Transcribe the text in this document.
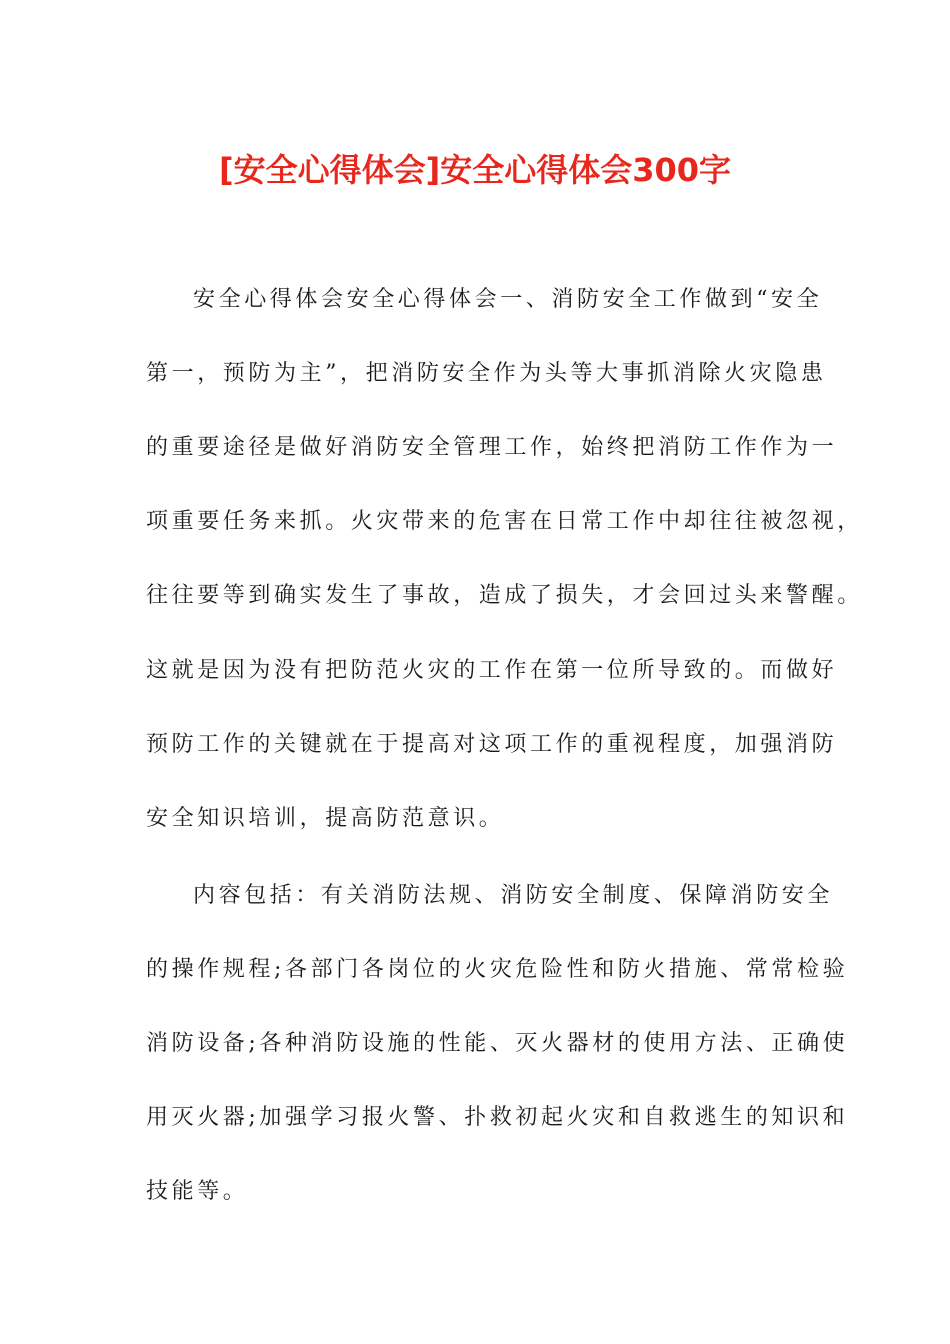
[安全心得体会]安全心得体会300字
安全心得体会安全心得体会一、消防安全工作做到“安全
第一，预防为主”，把消防安全作为头等大事抓消除火灾隐患
的重要途径是做好消防安全管理工作，始终把消防工作作为一
项重要任务来抓。火灾带来的危害在日常工作中却往往被忽视，
往往要等到确实发生了事故，造成了损失，才会回过头来警醒。
这就是因为没有把防范火灾的工作在第一位所导致的。而做好
预防工作的关键就在于提高对这项工作的重视程度，加强消防
安全知识培训，提高防范意识。
内容包括：有关消防法规、消防安全制度、保障消防安全
的操作规程;各部门各岗位的火灾危险性和防火措施、常常检验
消防设备;各种消防设施的性能、灭火器材的使用方法、正确使
用灭火器;加强学习报火警、扑救初起火灾和自救逃生的知识和
技能等。
